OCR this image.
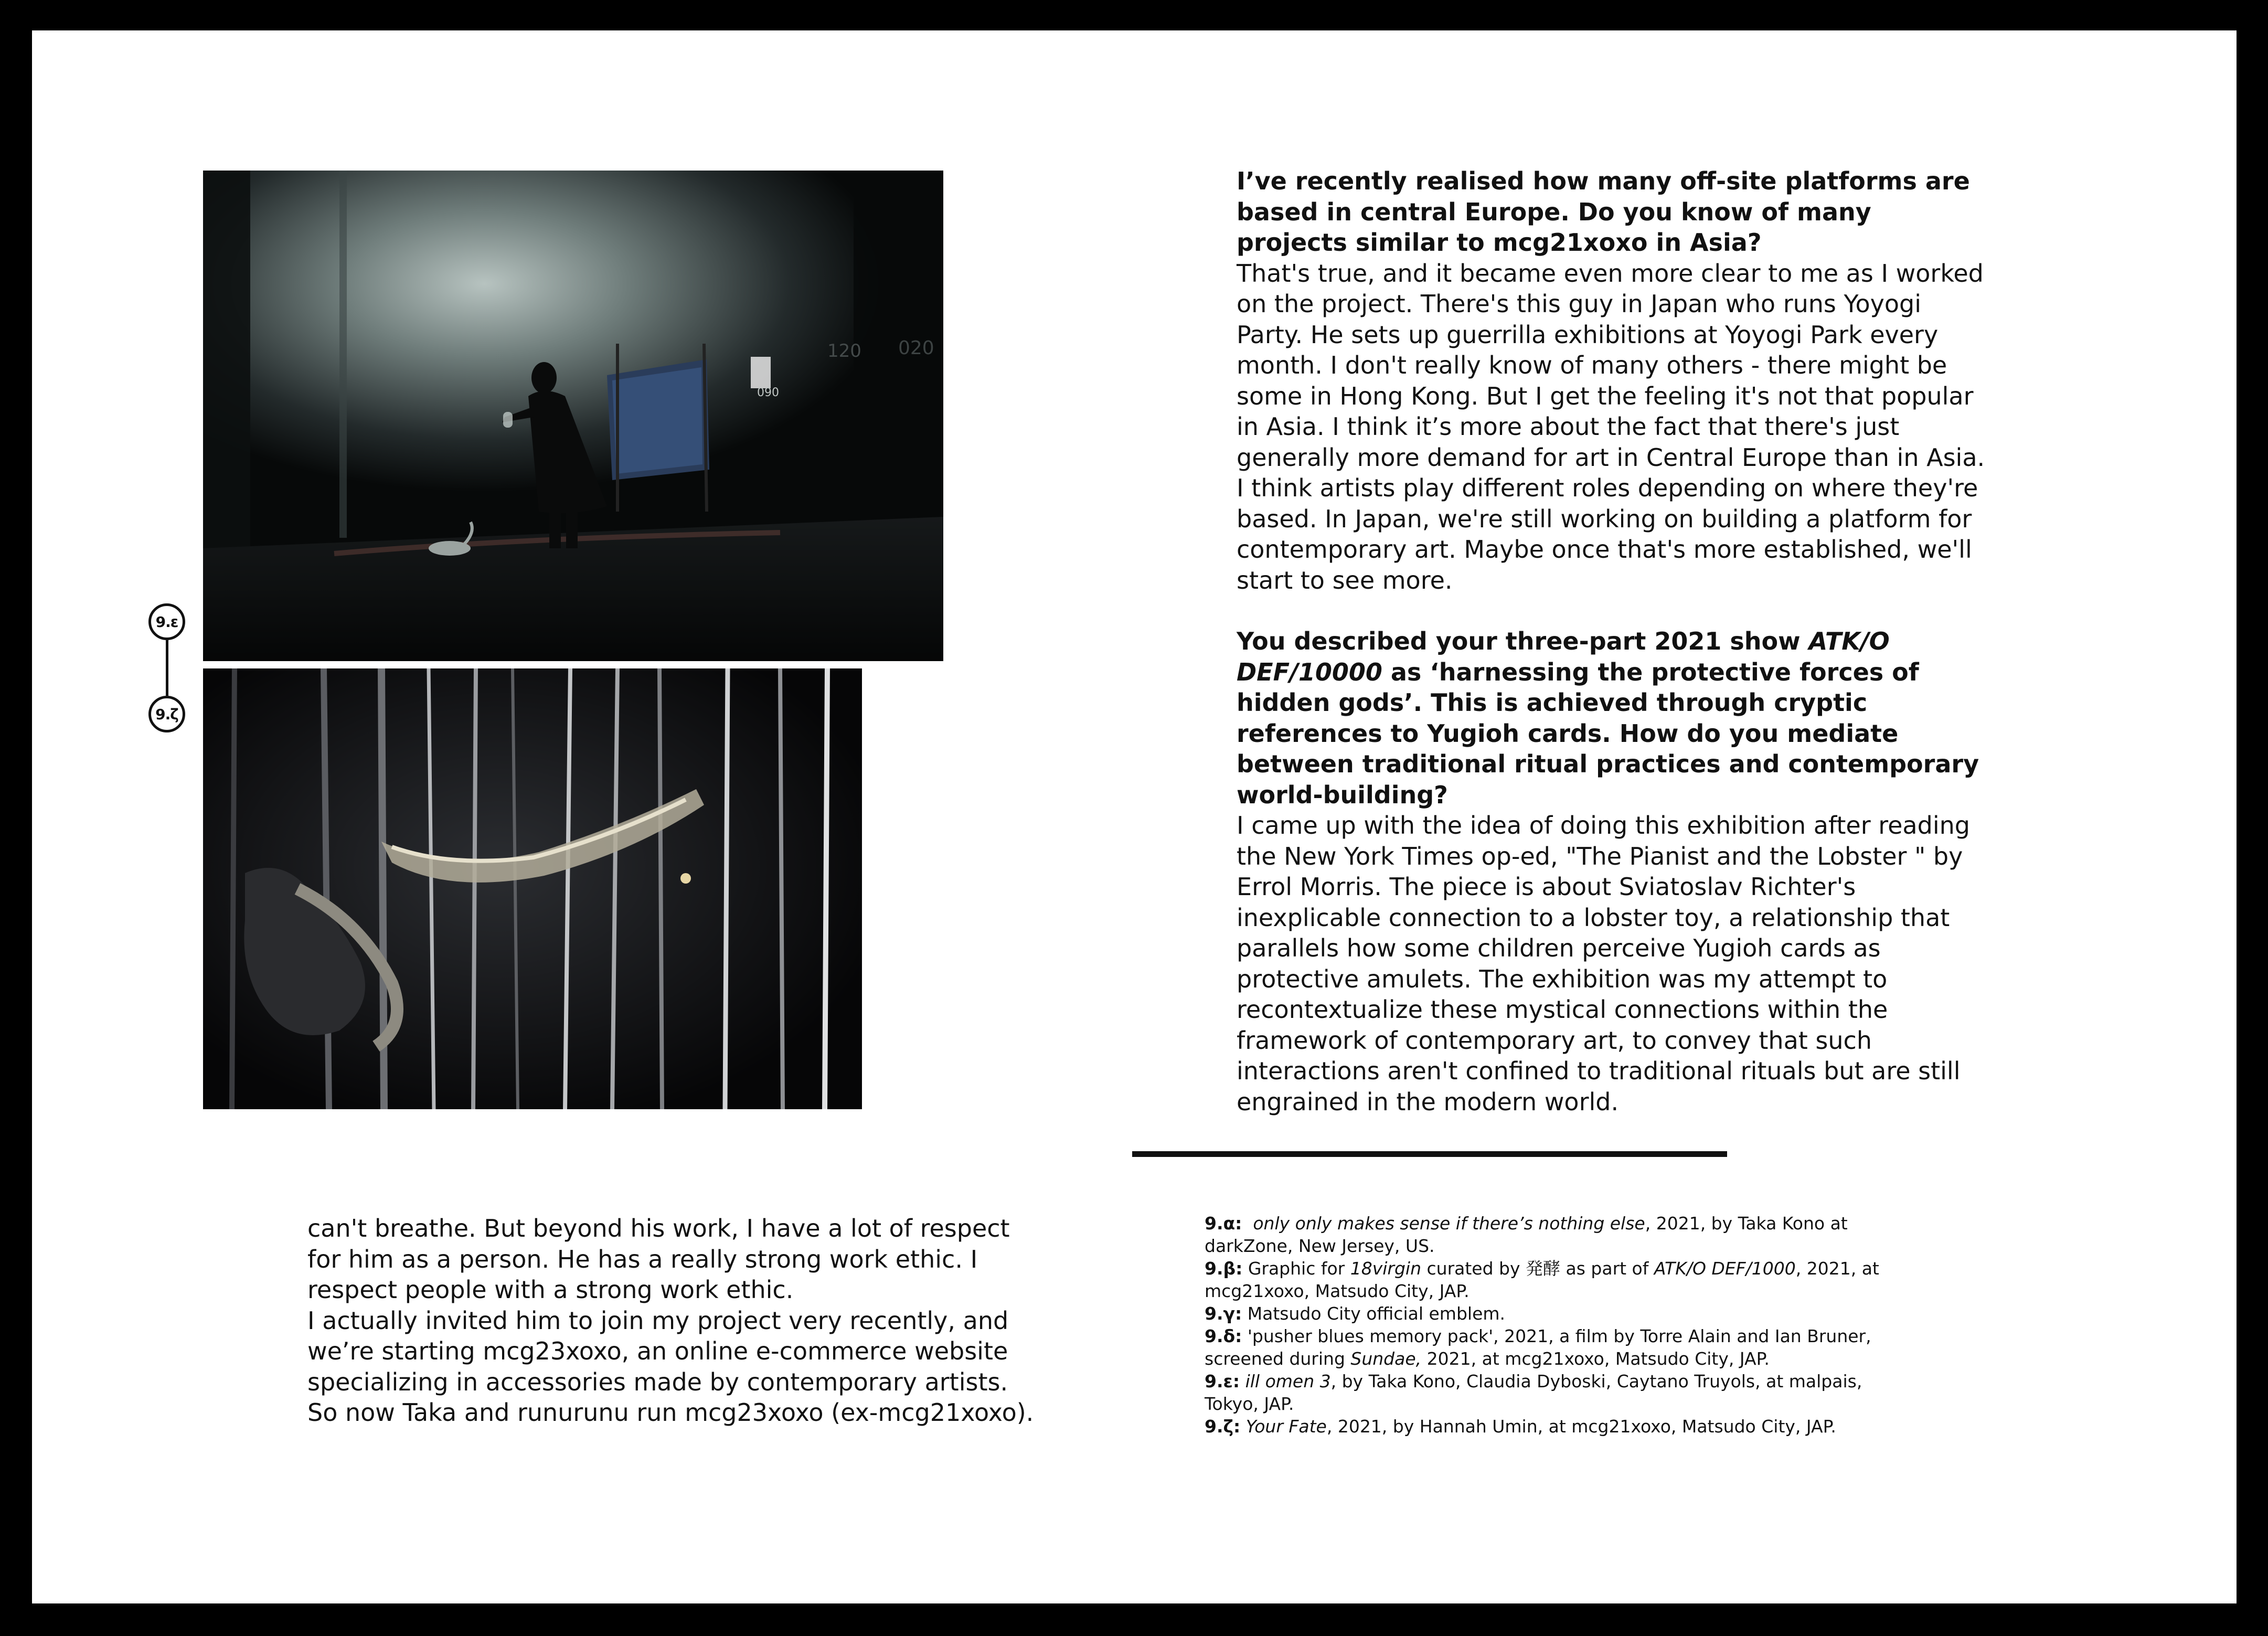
090
120 020
9.ε
9.ζ

I’ve recently realised how many off-site platforms are based in central Europe. Do you know of many projects similar to mcg21xoxo in Asia?

That's true, and it became even more clear to me as I worked on the project. There's this guy in Japan who runs Yoyogi Party. He sets up guerrilla exhibitions at Yoyogi Park every month. I don't really know of many others - there might be some in Hong Kong. But I get the feeling it's not that popular in Asia. I think it’s more about the fact that there's just generally more demand for art in Central Europe than in Asia. I think artists play different roles depending on where they're based. In Japan, we're still working on building a platform for contemporary art. Maybe once that's more established, we'll start to see more.

You described your three-part 2021 show ATK/O DEF/10000 as ‘harnessing the protective forces of hidden gods’. This is achieved through cryptic references to Yugioh cards. How do you mediate between traditional ritual practices and contemporary world-building?

I came up with the idea of doing this exhibition after reading the New York Times op-ed, "The Pianist and the Lobster " by Errol Morris. The piece is about Sviatoslav Richter's inexplicable connection to a lobster toy, a relationship that parallels how some children perceive Yugioh cards as protective amulets. The exhibition was my attempt to recontextualize these mystical connections within the framework of contemporary art, to convey that such interactions aren't confined to traditional rituals but are still engrained in the modern world.

can't breathe. But beyond his work, I have a lot of respect for him as a person. He has a really strong work ethic. I respect people with a strong work ethic.

I actually invited him to join my project very recently, and we’re starting mcg23xoxo, an online e-commerce website specializing in accessories made by contemporary artists. So now Taka and runurunu run mcg23xoxo (ex-mcg21xoxo).

9.α: only only makes sense if there’s nothing else, 2021, by Taka Kono at darkZone, New Jersey, US.

9.β: Graphic for 18virgin curated by 発酵 as part of ATK/O DEF/1000, 2021, at mcg21xoxo, Matsudo City, JAP.

9.γ: Matsudo City official emblem.

9.δ: 'pusher blues memory pack', 2021, a film by Torre Alain and Ian Bruner, screened during Sundae, 2021, at mcg21xoxo, Matsudo City, JAP.

9.ε: ill omen 3, by Taka Kono, Claudia Dyboski, Caytano Truyols, at malpais, Tokyo, JAP.

9.ζ: Your Fate, 2021, by Hannah Umin, at mcg21xoxo, Matsudo City, JAP.
